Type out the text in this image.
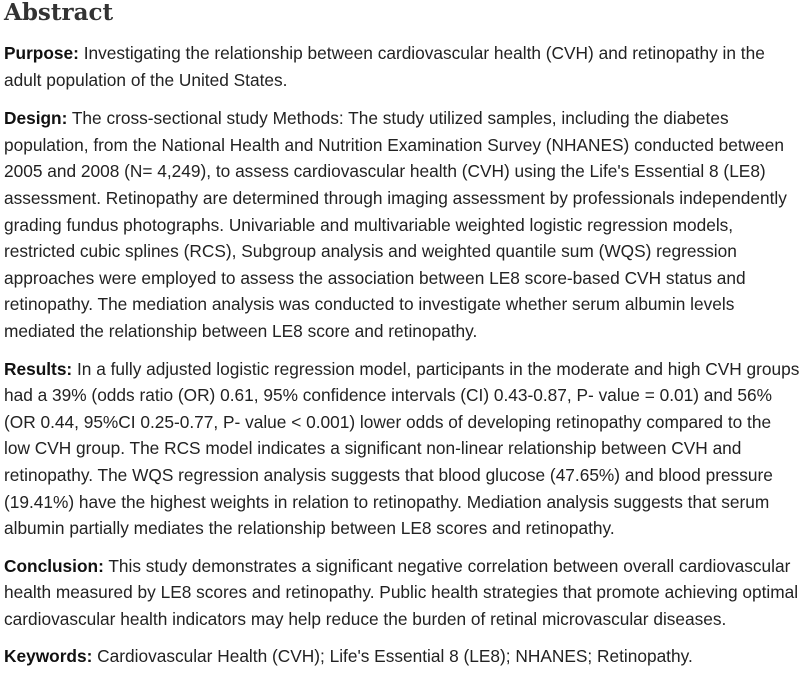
Abstract

Purpose: Investigating the relationship between cardiovascular health (CVH) and retinopathy in the adult population of the United States.

Design: The cross-sectional study Methods: The study utilized samples, including the diabetes population, from the National Health and Nutrition Examination Survey (NHANES) conducted between 2005 and 2008 (N= 4,249), to assess cardiovascular health (CVH) using the Life's Essential 8 (LE8) assessment. Retinopathy are determined through imaging assessment by professionals independently grading fundus photographs. Univariable and multivariable weighted logistic regression models, restricted cubic splines (RCS), Subgroup analysis and weighted quantile sum (WQS) regression approaches were employed to assess the association between LE8 score-based CVH status and retinopathy. The mediation analysis was conducted to investigate whether serum albumin levels mediated the relationship between LE8 score and retinopathy.

Results: In a fully adjusted logistic regression model, participants in the moderate and high CVH groups had a 39% (odds ratio (OR) 0.61, 95% confidence intervals (CI) 0.43-0.87, P- value = 0.01) and 56% (OR 0.44, 95%CI 0.25-0.77, P- value < 0.001) lower odds of developing retinopathy compared to the low CVH group. The RCS model indicates a significant non-linear relationship between CVH and retinopathy. The WQS regression analysis suggests that blood glucose (47.65%) and blood pressure (19.41%) have the highest weights in relation to retinopathy. Mediation analysis suggests that serum albumin partially mediates the relationship between LE8 scores and retinopathy.

Conclusion: This study demonstrates a significant negative correlation between overall cardiovascular health measured by LE8 scores and retinopathy. Public health strategies that promote achieving optimal cardiovascular health indicators may help reduce the burden of retinal microvascular diseases.

Keywords: Cardiovascular Health (CVH); Life's Essential 8 (LE8); NHANES; Retinopathy.
